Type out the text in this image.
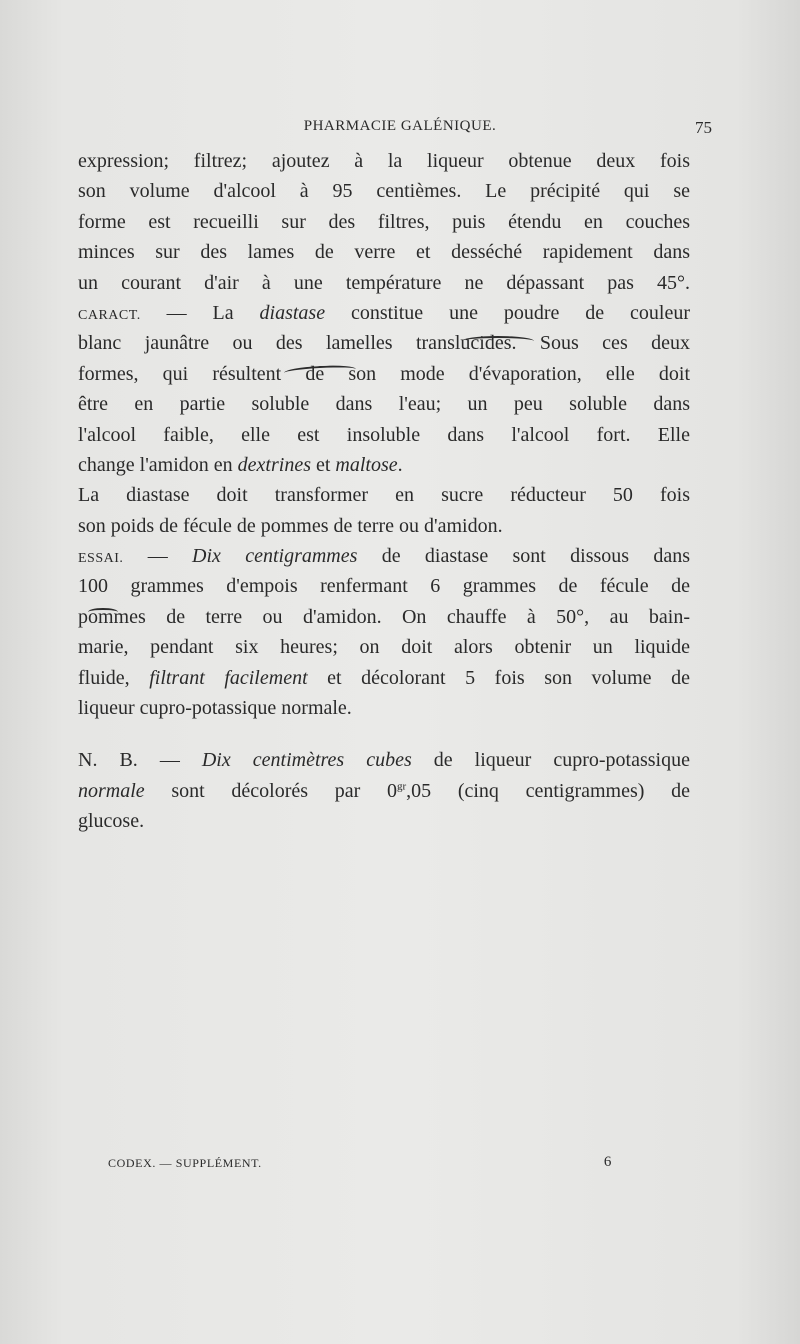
PHARMACIE GALÉNIQUE.	75
expression; filtrez; ajoutez à la liqueur obtenue deux fois
son volume d'alcool à 95 centièmes. Le précipité qui se
forme est recueilli sur des filtres, puis étendu en couches
minces sur des lames de verre et desséché rapidement dans
un courant d'air à une température ne dépassant pas 45°.
CARACT. — La diastase constitue une poudre de couleur
blanc jaunâtre ou des lamelles translucides. Sous ces deux
formes, qui résultent de son mode d'évaporation, elle doit
être en partie soluble dans l'eau; un peu soluble dans
l'alcool faible, elle est insoluble dans l'alcool fort. Elle
change l'amidon en dextrines et maltose.
La diastase doit transformer en sucre réducteur 50 fois
son poids de fécule de pommes de terre ou d'amidon.
ESSAI. — Dix centigrammes de diastase sont dissous dans
100 grammes d'empois renfermant 6 grammes de fécule de
pommes de terre ou d'amidon. On chauffe à 50°, au bain-
marie, pendant six heures; on doit alors obtenir un liquide
fluide, filtrant facilement et décolorant 5 fois son volume de
liqueur cupro-potassique normale.
N. B. — Dix centimètres cubes de liqueur cupro-potassique
normale sont décolorés par $0^{gr},05$ (cinq centigrammes) de
glucose.
CODEX. — SUPPLÉMENT.	6
